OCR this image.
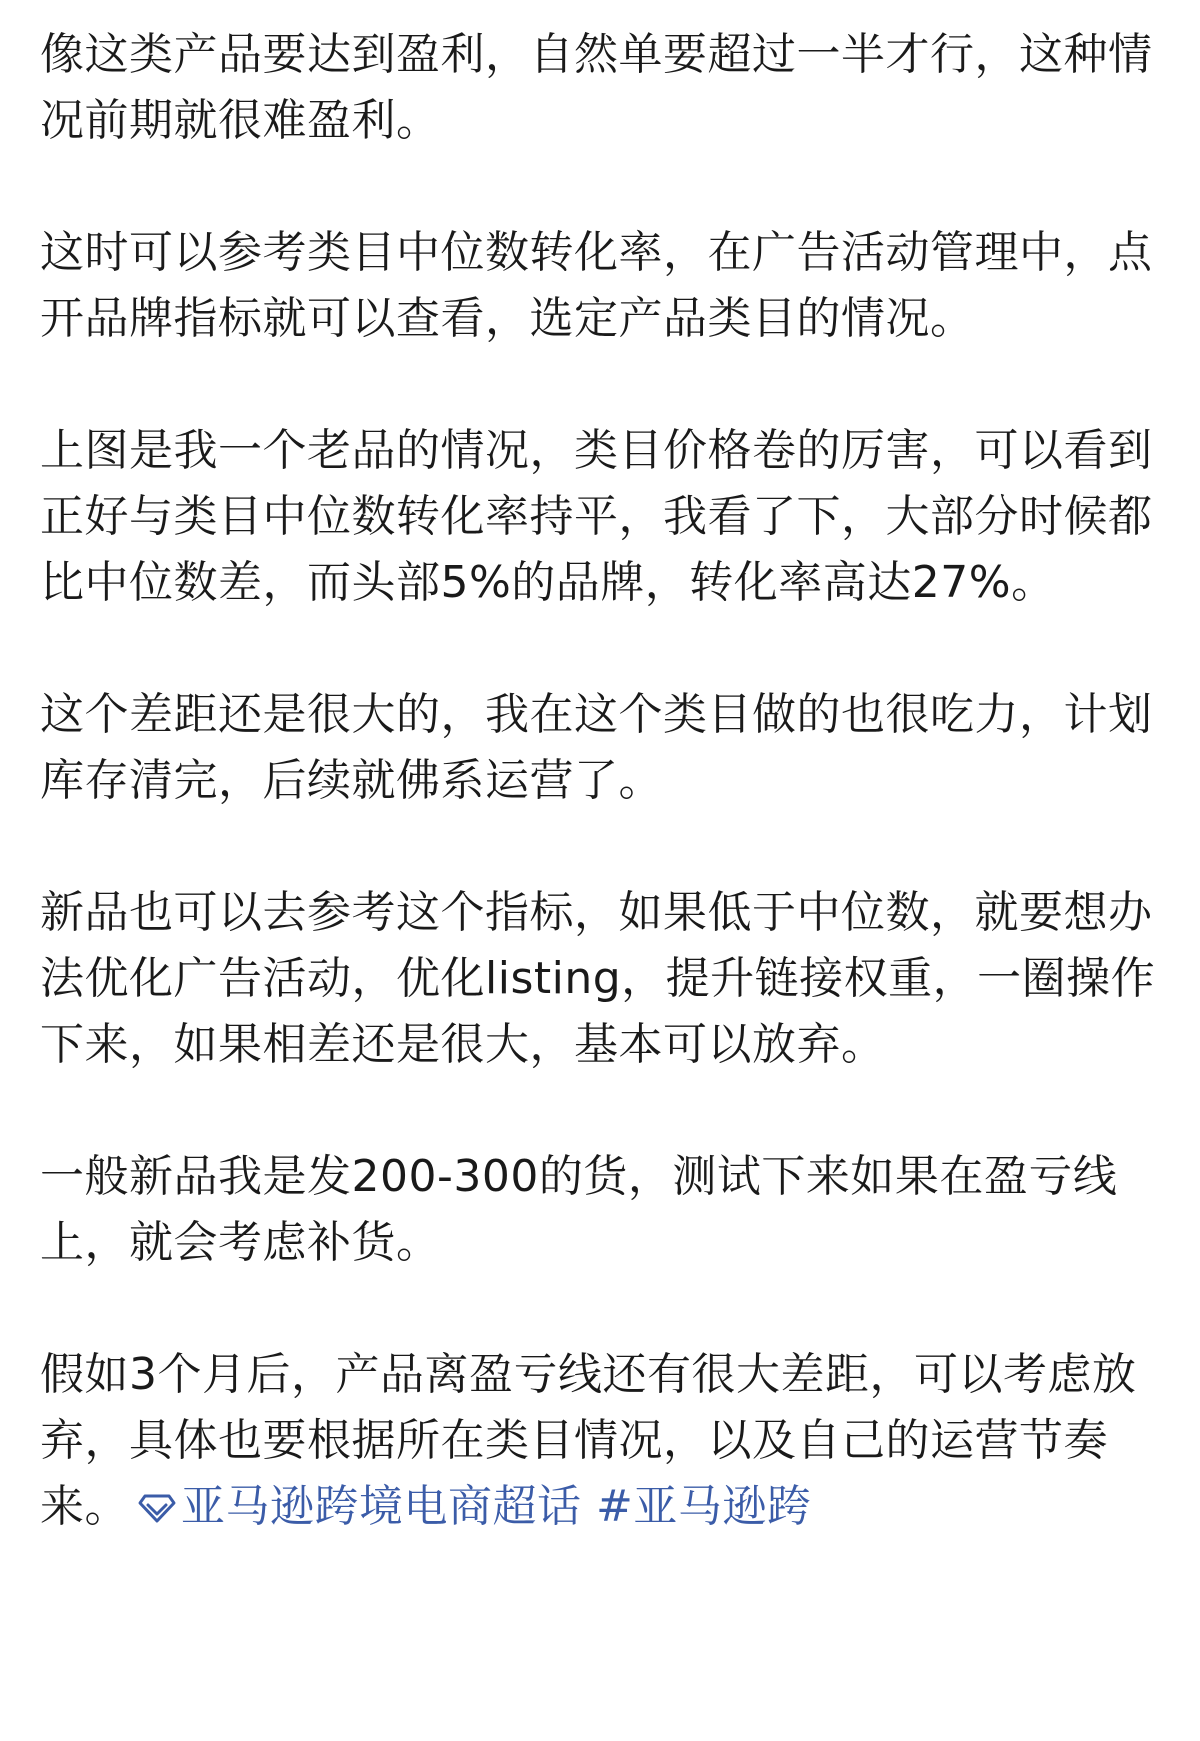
像这类产品要达到盈利，自然单要超过一半才行，这种情况前期就很难盈利。

这时可以参考类目中位数转化率，在广告活动管理中，点开品牌指标就可以查看，选定产品类目的情况。

上图是我一个老品的情况，类目价格卷的厉害，可以看到正好与类目中位数转化率持平，我看了下，大部分时候都比中位数差，而头部5%的品牌，转化率高达27%。

这个差距还是很大的，我在这个类目做的也很吃力，计划库存清完，后续就佛系运营了。

新品也可以去参考这个指标，如果低于中位数，就要想办法优化广告活动，优化listing，提升链接权重，一圈操作下来，如果相差还是很大，基本可以放弃。

一般新品我是发200-300的货，测试下来如果在盈亏线上，就会考虑补货。

假如3个月后，产品离盈亏线还有很大差距，可以考虑放弃，具体也要根据所在类目情况，以及自己的运营节奏来。 亚马逊跨境电商超话 #亚马逊跨
